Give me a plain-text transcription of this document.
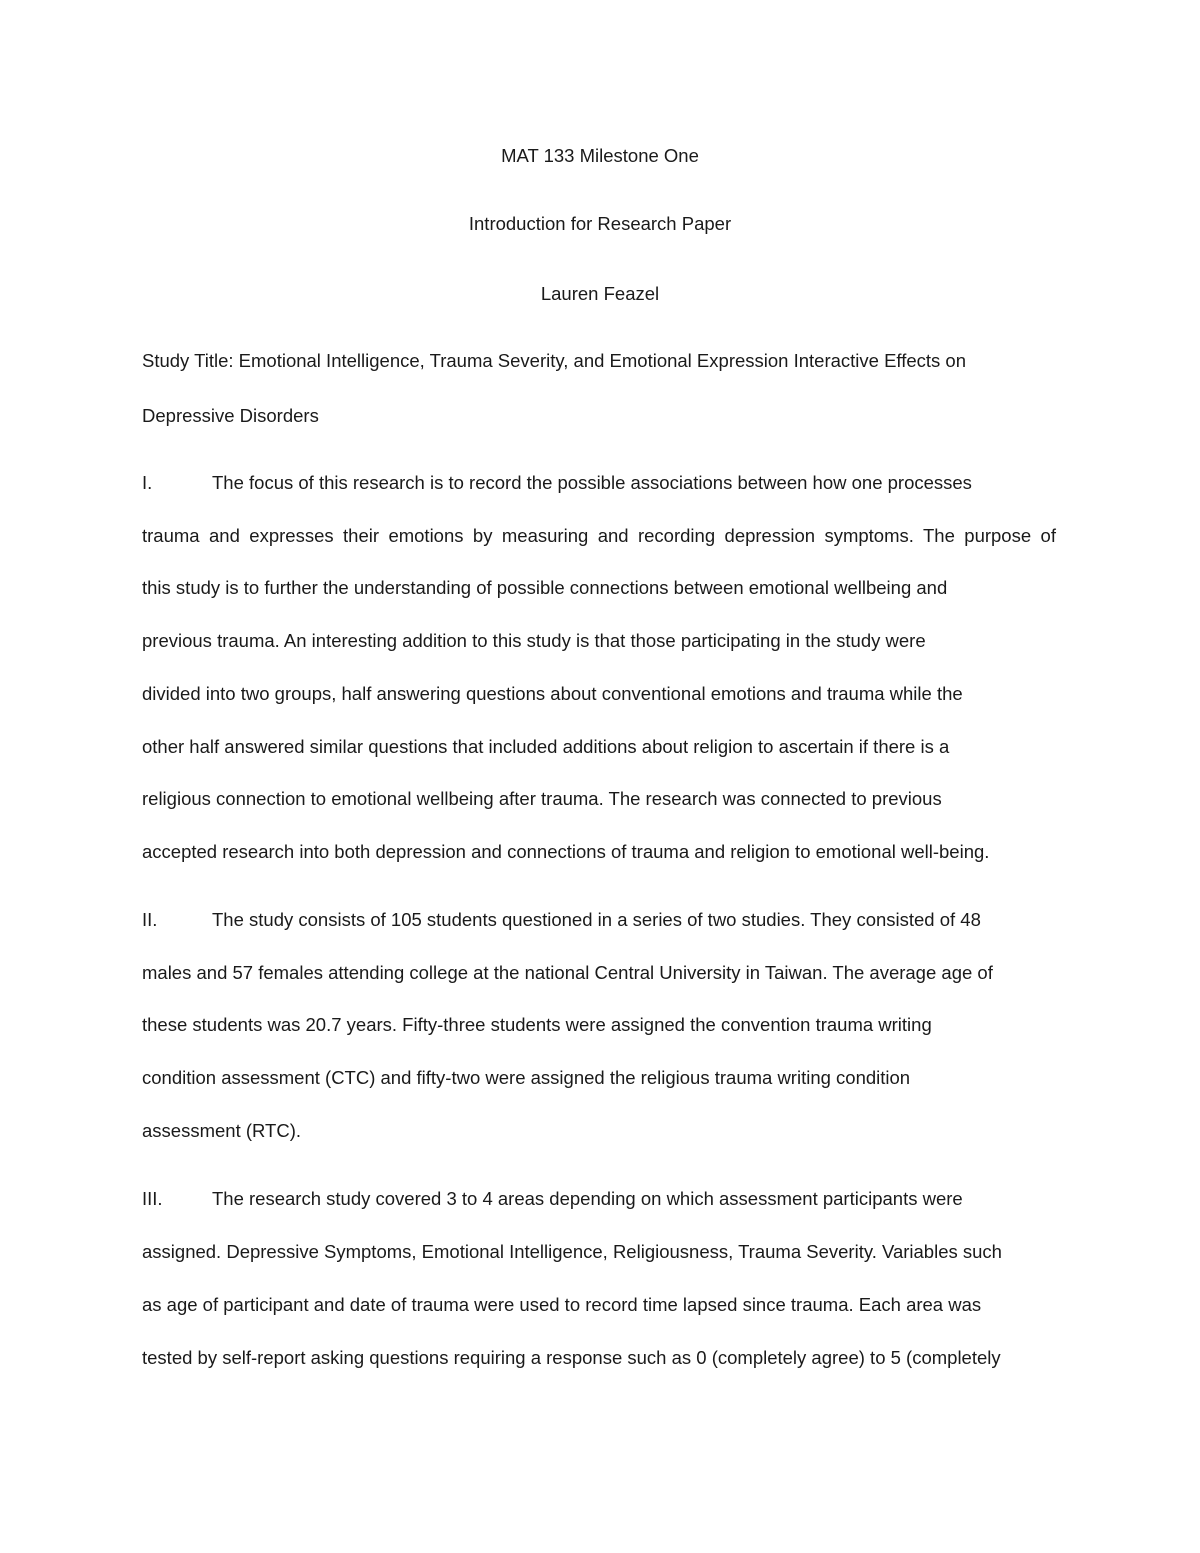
MAT 133 Milestone One
Introduction for Research Paper
Lauren Feazel
Study Title: Emotional Intelligence, Trauma Severity, and Emotional Expression Interactive Effects on
Depressive Disorders
I.	The focus of this research is to record the possible associations between how one processes
trauma and expresses their emotions by measuring and recording depression symptoms. The purpose of
this study is to further the understanding of possible connections between emotional wellbeing and
previous trauma. An interesting addition to this study is that those participating in the study were
divided into two groups, half answering questions about conventional emotions and trauma while the
other half answered similar questions that included additions about religion to ascertain if there is a
religious connection to emotional wellbeing after trauma. The research was connected to previous
accepted research into both depression and connections of trauma and religion to emotional well-being.
II.	The study consists of 105 students questioned in a series of two studies. They consisted of 48
males and 57 females attending college at the national Central University in Taiwan. The average age of
these students was 20.7 years. Fifty-three students were assigned the convention trauma writing
condition assessment (CTC) and fifty-two were assigned the religious trauma writing condition
assessment (RTC).
III.	The research study covered 3 to 4 areas depending on which assessment participants were
assigned. Depressive Symptoms, Emotional Intelligence, Religiousness, Trauma Severity. Variables such
as age of participant and date of trauma were used to record time lapsed since trauma. Each area was
tested by self-report asking questions requiring a response such as 0 (completely agree) to 5 (completely
